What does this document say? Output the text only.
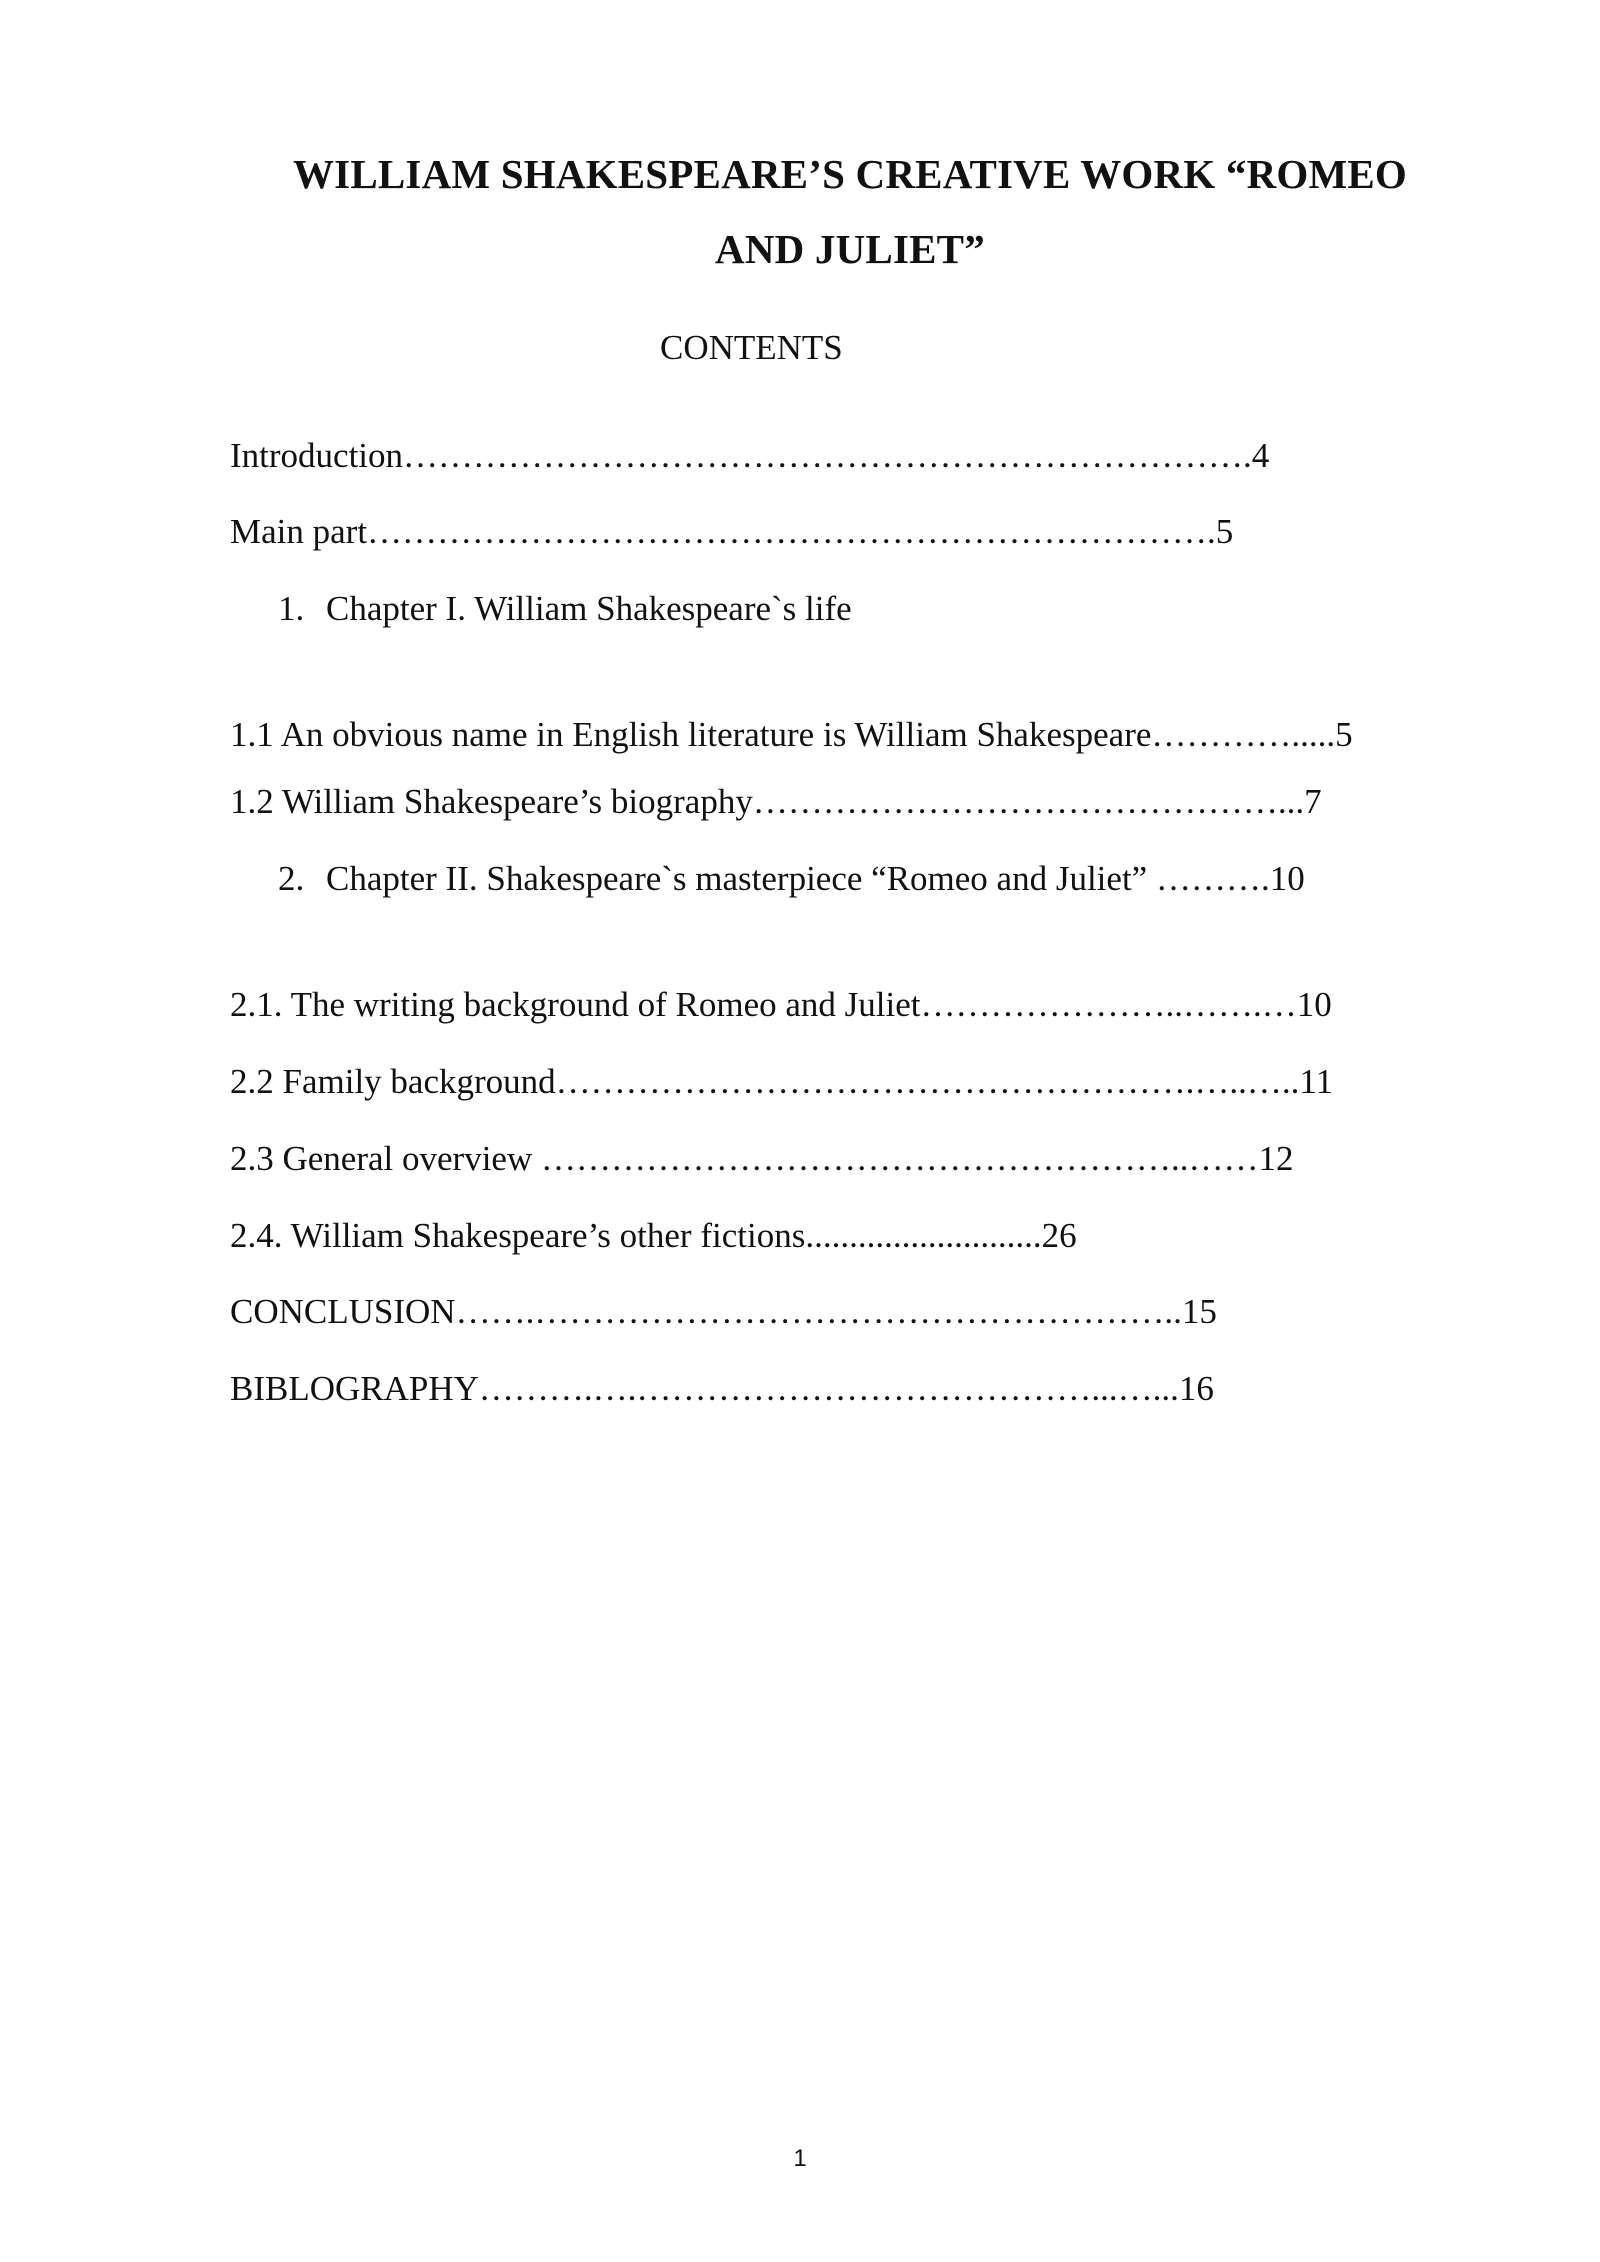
WILLIAM SHAKESPEARE’S CREATIVE WORK “ROMEO
AND JULIET”
CONTENTS
Introduction……………………………………………………………….4
Main part……………………………………………………………….5
1. Chapter I. William Shakespeare`s life
1.1 An obvious name in English literature is William Shakespeare………….....5
1.2 William Shakespeare’s biography………………………………………...7
2. Chapter II. Shakespeare`s masterpiece “Romeo and Juliet” ……….10
2.1. The writing background of Romeo and Juliet…………………..…….…10
2.2 Family background……………………………………………….…..…..11
2.3 General overview ………………………………………………..……12
2.4. William Shakespeare’s other fictions...........................26
CONCLUSION…….………………………………………………..15
BIBLOGRAPHY……….….…………………………………...…...16
1
